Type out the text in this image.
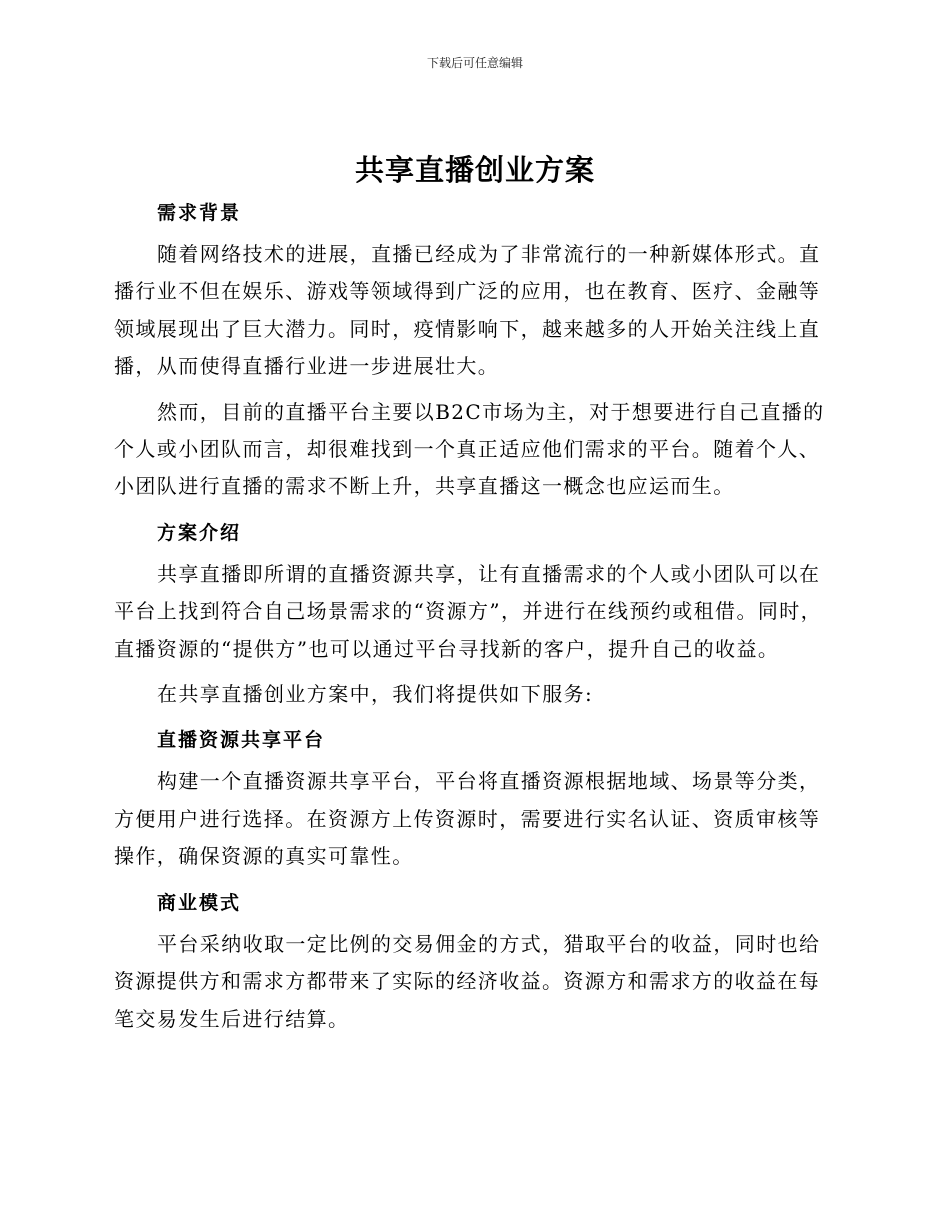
下载后可任意编辑
共享直播创业方案
需求背景

随着网络技术的进展，直播已经成为了非常流行的一种新媒体形式。直播行业不但在娱乐、游戏等领域得到广泛的应用，也在教育、医疗、金融等领域展现出了巨大潜力。同时，疫情影响下，越来越多的人开始关注线上直播，从而使得直播行业进一步进展壮大。

然而，目前的直播平台主要以B2C市场为主，对于想要进行自己直播的个人或小团队而言，却很难找到一个真正适应他们需求的平台。随着个人、小团队进行直播的需求不断上升，共享直播这一概念也应运而生。

方案介绍

共享直播即所谓的直播资源共享，让有直播需求的个人或小团队可以在平台上找到符合自己场景需求的“资源方”，并进行在线预约或租借。同时，直播资源的“提供方”也可以通过平台寻找新的客户，提升自己的收益。

在共享直播创业方案中，我们将提供如下服务:

直播资源共享平台

构建一个直播资源共享平台，平台将直播资源根据地域、场景等分类，方便用户进行选择。在资源方上传资源时，需要进行实名认证、资质审核等操作，确保资源的真实可靠性。

商业模式

平台采纳收取一定比例的交易佣金的方式，猎取平台的收益，同时也给资源提供方和需求方都带来了实际的经济收益。资源方和需求方的收益在每笔交易发生后进行结算。
